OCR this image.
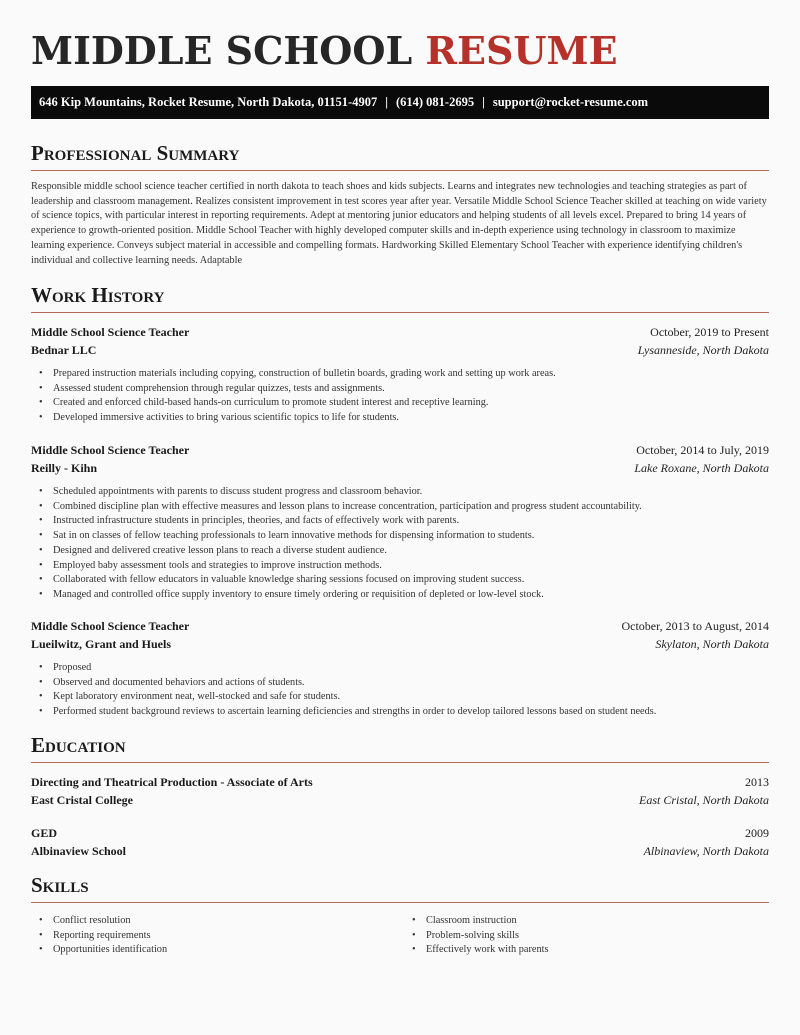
MIDDLE SCHOOL RESUME
646 Kip Mountains, Rocket Resume, North Dakota, 01151-4907 | (614) 081-2695 | support@rocket-resume.com
Professional Summary
Responsible middle school science teacher certified in north dakota to teach shoes and kids subjects. Learns and integrates new technologies and teaching strategies as part of leadership and classroom management. Realizes consistent improvement in test scores year after year. Versatile Middle School Science Teacher skilled at teaching on wide variety of science topics, with particular interest in reporting requirements. Adept at mentoring junior educators and helping students of all levels excel. Prepared to bring 14 years of experience to growth-oriented position. Middle School Teacher with highly developed computer skills and in-depth experience using technology in classroom to maximize learning experience. Conveys subject material in accessible and compelling formats. Hardworking Skilled Elementary School Teacher with experience identifying children's individual and collective learning needs. Adaptable
Work History
Middle School Science Teacher	October, 2019 to Present
Bednar LLC	Lysanneside, North Dakota
• Prepared instruction materials including copying, construction of bulletin boards, grading work and setting up work areas.
• Assessed student comprehension through regular quizzes, tests and assignments.
• Created and enforced child-based hands-on curriculum to promote student interest and receptive learning.
• Developed immersive activities to bring various scientific topics to life for students.
Middle School Science Teacher	October, 2014 to July, 2019
Reilly - Kihn	Lake Roxane, North Dakota
• Scheduled appointments with parents to discuss student progress and classroom behavior.
• Combined discipline plan with effective measures and lesson plans to increase concentration, participation and progress student accountability.
• Instructed infrastructure students in principles, theories, and facts of effectively work with parents.
• Sat in on classes of fellow teaching professionals to learn innovative methods for dispensing information to students.
• Designed and delivered creative lesson plans to reach a diverse student audience.
• Employed baby assessment tools and strategies to improve instruction methods.
• Collaborated with fellow educators in valuable knowledge sharing sessions focused on improving student success.
• Managed and controlled office supply inventory to ensure timely ordering or requisition of depleted or low-level stock.
Middle School Science Teacher	October, 2013 to August, 2014
Lueilwitz, Grant and Huels	Skylaton, North Dakota
• Proposed
• Observed and documented behaviors and actions of students.
• Kept laboratory environment neat, well-stocked and safe for students.
• Performed student background reviews to ascertain learning deficiencies and strengths in order to develop tailored lessons based on student needs.
Education
Directing and Theatrical Production - Associate of Arts	2013
East Cristal College	East Cristal, North Dakota
GED	2009
Albinaview School	Albinaview, North Dakota
Skills
• Conflict resolution
• Reporting requirements
• Opportunities identification
• Classroom instruction
• Problem-solving skills
• Effectively work with parents
